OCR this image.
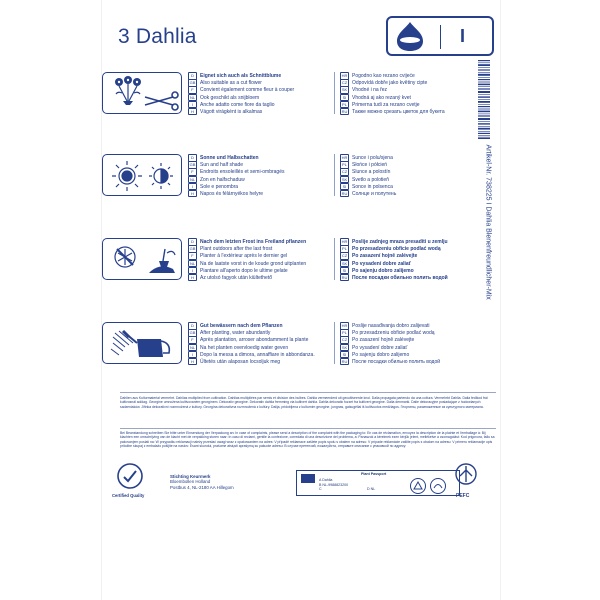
3 Dahlia	I
Artikel-Nr. 738225 I Dahlia Blenenfreundlicher-Mix
D Eignet sich auch als Schnittblume
GB Also suitable as a cut flower
F Convient également comme fleur à couper
NL Ook geschikt als snijbloem
I Anche adatto come fiore da taglio
H Vágott virágként is alkalmas
HR Pogodno kao rezano cvijeće
CZ Odpovídá dobře jako květiny cipte
SK Vhodné i na řez
SI Vhodná aj ako rezaný kvet
PL Primerna tudi za rezano cvetje
RU Также можно срезать цветок для букета
D Sonne und Halbschatten
GB Sun and half shade
F Endroits ensoleillés et semi-ombragés
NL Zon en halfschaduw
I Sole e penombra
H Napos és félárnyékos helyre
HR Sunce i polu/sjena
PL Słońce i półcień
CZ Slunce a polostín
SK Svetlo a polotieň
SI Sonce in polsenca
RU Солнце и полутень
D Nach dem letzten Frost ins Freiland pflanzen
GB Plant outdoors after the last frost
F Planter à l'extérieur après le dernier gel
NL Na de laatste vorst in de koude grond uitplanten
I Piantare all'aperto dopo le ultime gelate
H Az utolsó fagyok után kiültethető
HR Posliје zadnjeg mraza presaditi u zemlju
PL Po przesadzeniu obficie podlać wodą
CZ Po zasazení hojně zalévejte
SK Po vysadení dobre zaliať
SI Po sajenju dobro zalijemo
RU После посадки обильно полить водой
D Gut bewässern nach dem Pflanzen
GB After planting, water abundantly
F Après plantation, arroser abondamment la plante
NL Na het planten overvloedig water geven
I Dopo la messa a dimora, annaffiare in abbondanza.
H Ültetés után alaposan locsoljuk meg
HR Posliје nasađivanja dobro zalijevati
PL Po przesadzeniu obficie podlać wodą
CZ Po zasazení hojně zalévejte
SK Po vysadení dobre zaliať
SI Po sajenju dobro zalijemo
RU После посадки обильно полить водой
Dahlien aus Kulturmaterial vermehrt. Dahlias multiplied from cultivation. Dahlias multipliées par semis et division des bulbes. Dahlia vermeerderd uit gecultiveerde knol. Dalia propagata partendo da una coltura. Vermehrbt Dahlia. Dalia fedlkod frái kultivosnál adólag. Georgine umnožena kultivovaném georgínem. Dekorativ georgine. Dekorativ dahlia fremming via kultivert dahlia. Dahlia dekoratic fozzet fra kultivert georgine. Dalia denmarki. Dalie dekoracyjne posiadające z hodowlanych sadzeniaków. Jiřinka dekorativní rozmnožená z kultury. Georgína dekoratívna rozmnožená z kultúry. Dalija, pridobljena z kulturnim georgine, jungnas, gaisugėliai iš kultivuotos medžiagos. Георгины, размноженные из культурного материала.
Bei Beanstandung schreiben Sie bitte unter Einsendung der Verpackung an: In case of complaints, please send a description of the complaint with the packaging to: En cas de réclamation, envoyez la description de la plainte et l'emballage à: Bij klachten een omschrijving van de klacht met de verpakking sturen naar: In caso di reclami, gentile la confezione, corredata di una descrizione del problema, a: Panaszok a kérelmek ezen kérjük jelent, mellékelve a csomagolást: Kod prigovora, fallu sa pakovanjem poslati na: W przypadku reklamacji należy przesłać uwagi wraz z opakowaniem na adres: V případě reklamace zašlete popis spolu s obalem na adresu: V prípade reklamácie zašlite popis s obalom na adresu: V primeru reklamacije opis pritožbe skupaj z embalažo pošljite na naslov: Esant skundui, prašome atsiųsti aprašymą su pakuote adresu: В случае претензий, пожалуйста, отправьте описание с упаковкой по адресу:
Certified Quality
Stichting Keurmerk
Bloembollen Holland
Postbus 4, NL-2180 AA Hillegom
Plant Passport
A Dahlia
B NL-9988823200
C	D NL
PEFC
